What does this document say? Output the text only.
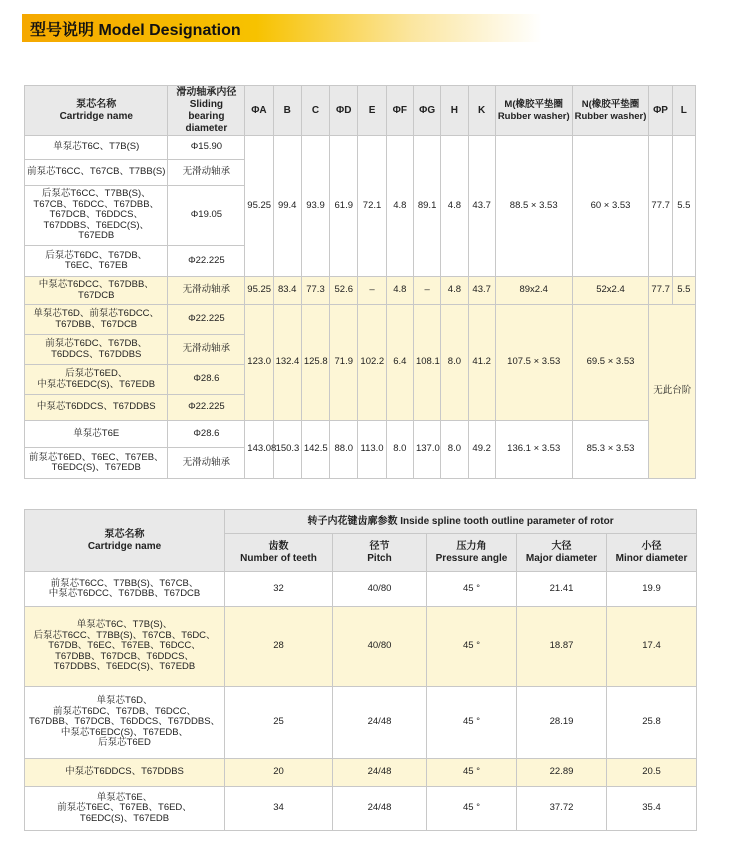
型号说明 Model Designation
泵芯名称
Cartridge name	滑动轴承内径
Sliding bearing
diameter	ΦA	B	C	ΦD	E	ΦF	ΦG	H	K	M(橡胶平垫圈
Rubber washer)	N(橡胶平垫圈
Rubber washer)	ΦP	L
单泵芯T6C、T7B(S)	Φ15.90	95.25	99.4	93.9	61.9	72.1	4.8	89.1	4.8	43.7	88.5 × 3.53	60 × 3.53	77.7	5.5
前泵芯T6CC、T67CB、T7BB(S)	无滑动轴承													
后泵芯T6CC、T7BB(S)、
T67CB、T6DCC、T67DBB、
T67DCB、T6DDCS、
T67DDBS、T6EDC(S)、
T67EDB	Φ19.05													
后泵芯T6DC、T67DB、
T6EC、T67EB	Φ22.225													
中泵芯T6DCC、T67DBB、
T67DCB	无滑动轴承	95.25	83.4	77.3	52.6	–	4.8	–	4.8	43.7	89x2.4	52x2.4	77.7	5.5
单泵芯T6D、前泵芯T6DCC、
T67DBB、T67DCB	Φ22.225	123.0	132.4	125.8	71.9	102.2	6.4	108.1	8.0	41.2	107.5 × 3.53	69.5 × 3.53	无此台阶	
前泵芯T6DC、T67DB、
T6DDCS、T67DDBS	无滑动轴承													
后泵芯T6ED、
中泵芯T6EDC(S)、T67EDB	Φ28.6													
中泵芯T6DDCS、T67DDBS	Φ22.225													
单泵芯T6E	Φ28.6	143.08	150.3	142.5	88.0	113.0	8.0	137.0	8.0	49.2	136.1 × 3.53	85.3 × 3.53		
前泵芯T6ED、T6EC、T67EB、
T6EDC(S)、T67EDB	无滑动轴承													
泵芯名称
Cartridge name	转子内花键齿廓参数 Inside spline tooth outline parameter of rotor				
	齿数
Number of teeth	径节
Pitch	压力角
Pressure angle	大径
Major diameter	小径
Minor diameter
前泵芯T6CC、T7BB(S)、T67CB、
中泵芯T6DCC、T67DBB、T67DCB	32	40/80	45 °	21.41	19.9
单泵芯T6C、T7B(S)、
后泵芯T6CC、T7BB(S)、T67CB、T6DC、
T67DB、T6EC、T67EB、T6DCC、
T67DBB、T67DCB、T6DDCS、
T67DDBS、T6EDC(S)、T67EDB	28	40/80	45 °	18.87	17.4
单泵芯T6D、
前泵芯T6DC、T67DB、T6DCC、
T67DBB、T67DCB、T6DDCS、T67DDBS、
中泵芯T6EDC(S)、T67EDB、
后泵芯T6ED	25	24/48	45 °	28.19	25.8
中泵芯T6DDCS、T67DDBS	20	24/48	45 °	22.89	20.5
单泵芯T6E、
前泵芯T6EC、T67EB、T6ED、
T6EDC(S)、T67EDB	34	24/48	45 °	37.72	35.4
